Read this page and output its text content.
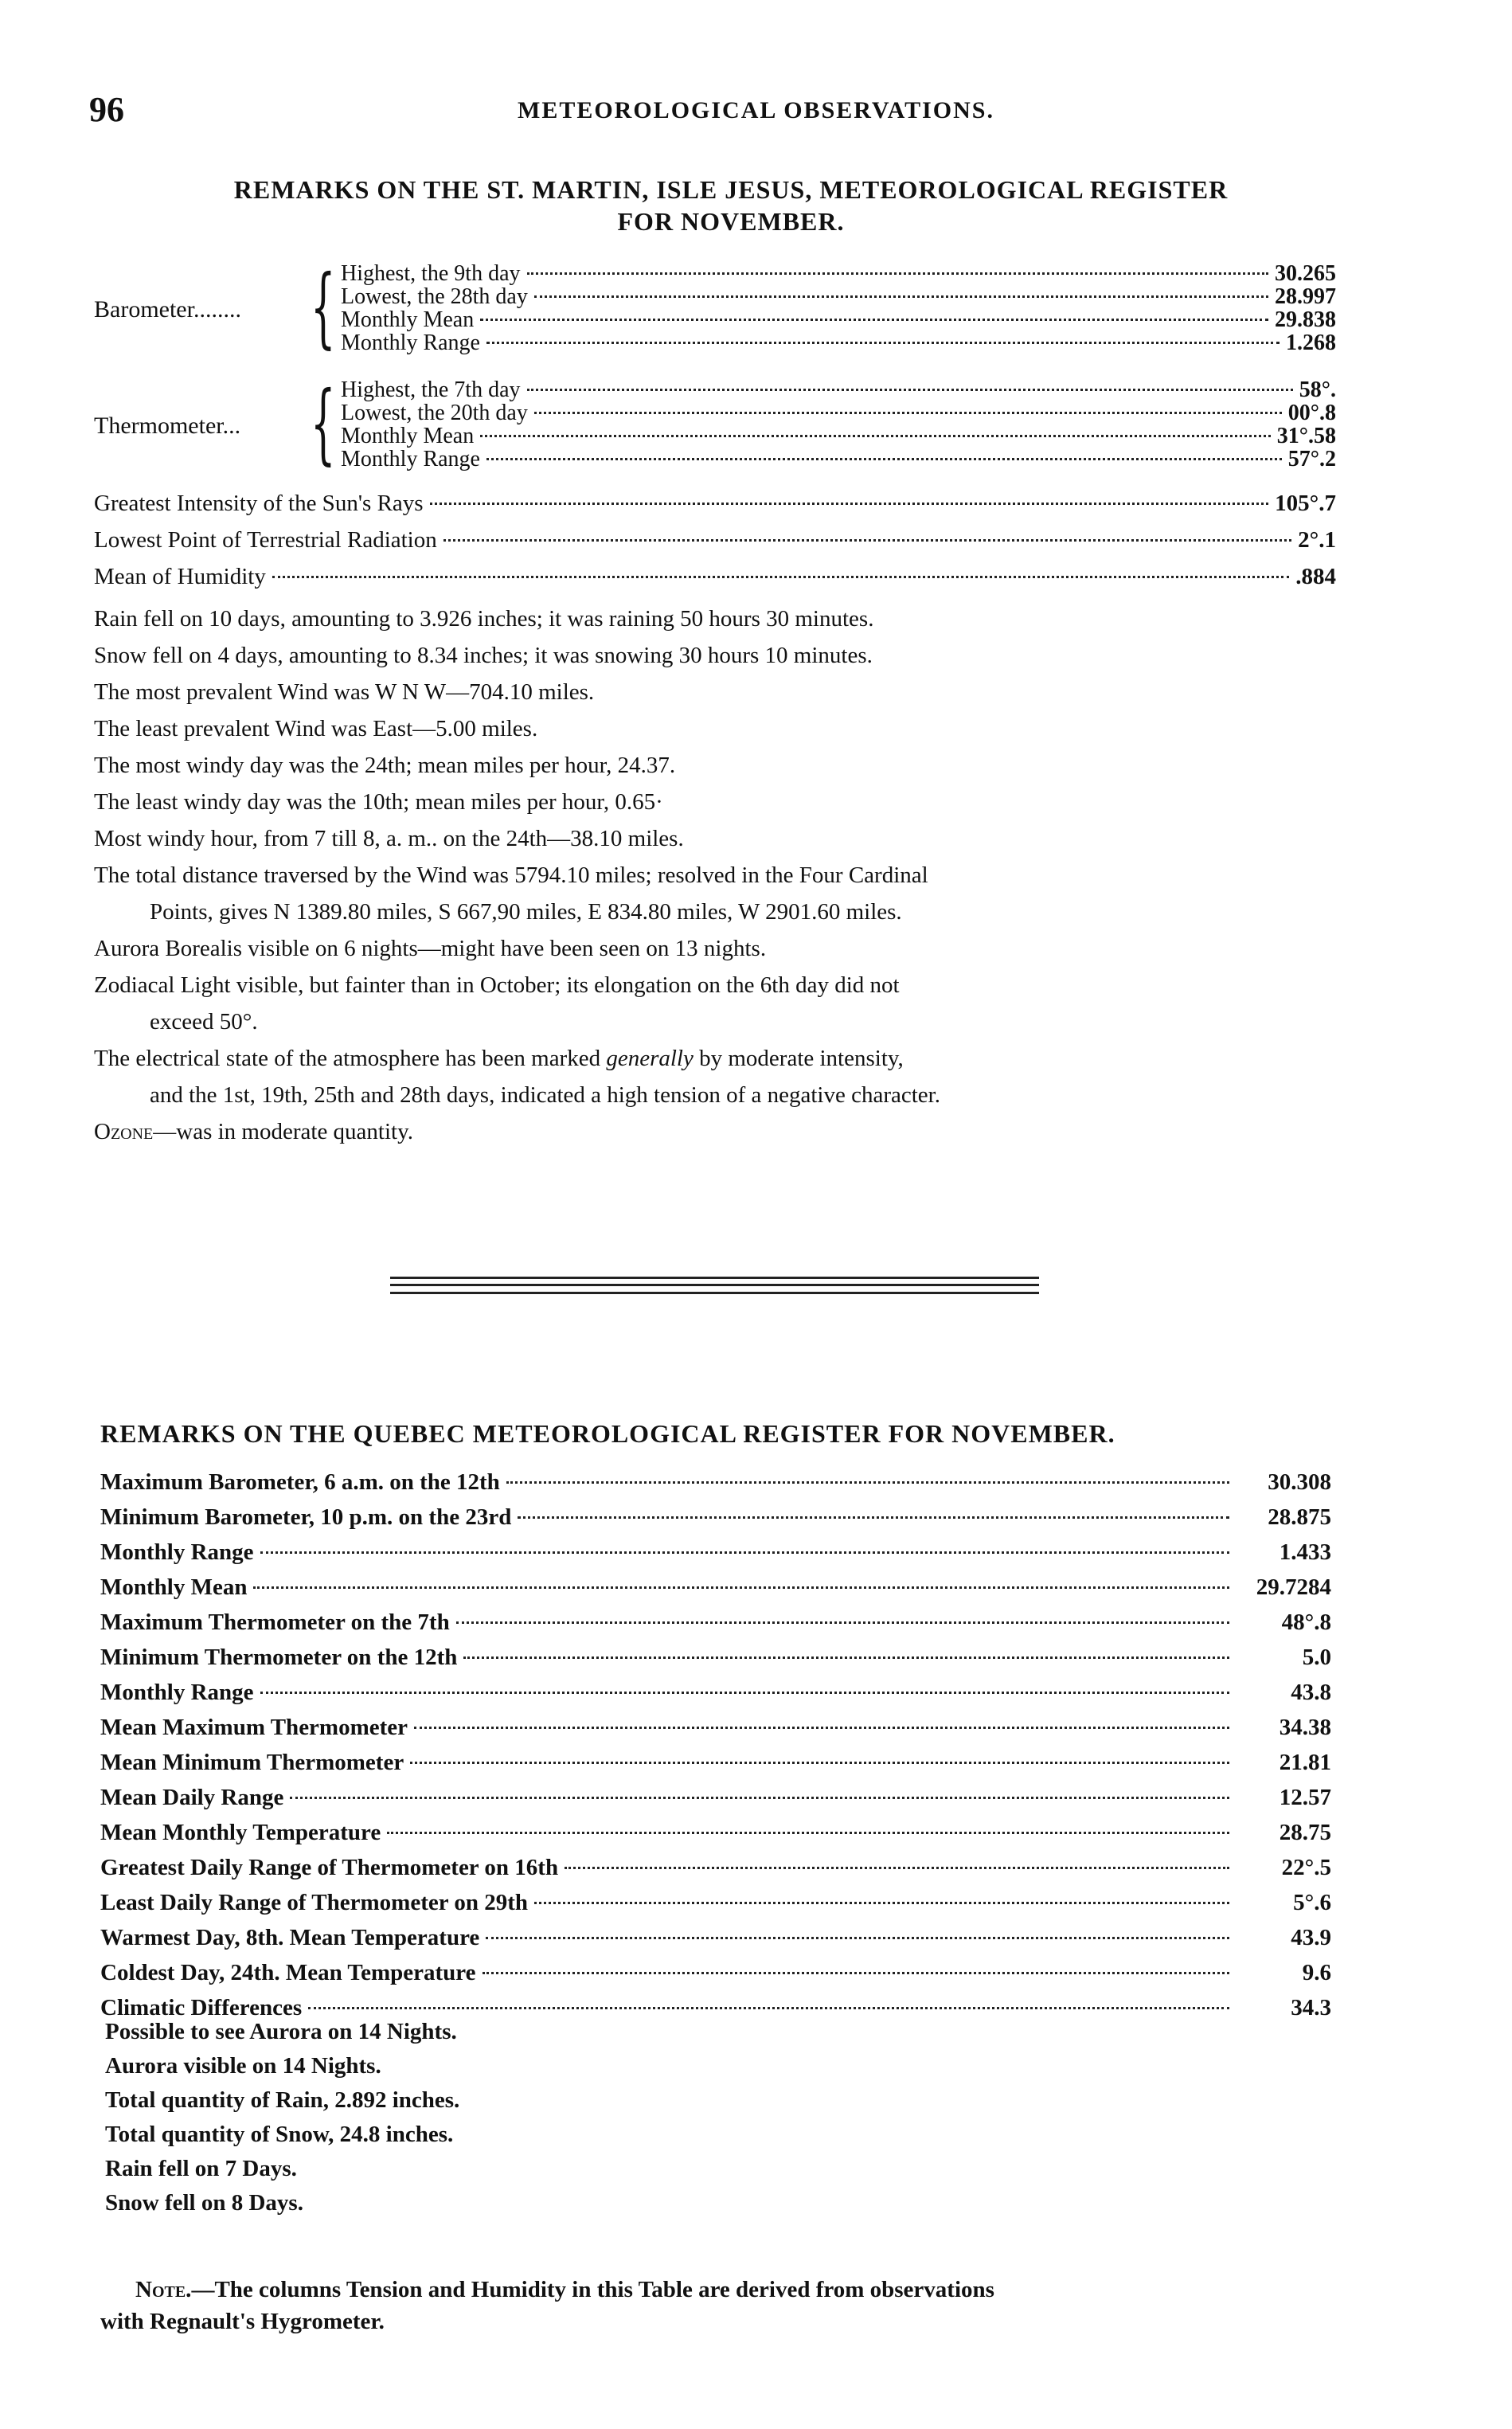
96	METEOROLOGICAL OBSERVATIONS.
REMARKS ON THE ST. MARTIN, ISLE JESUS, METEOROLOGICAL REGISTER
FOR NOVEMBER.
Barometer........ { Highest, the 9th day	30.265
Lowest, the 28th day	28.997
Monthly Mean	29.838
Monthly Range	1.268
Thermometer... { Highest, the 7th day	58°.
Lowest, the 20th day	00°.8
Monthly Mean	31°.58
Monthly Range	57°.2
Greatest Intensity of the Sun's Rays	105°.7
Lowest Point of Terrestrial Radiation	2°.1
Mean of Humidity	.884

Rain fell on 10 days, amounting to 3.926 inches; it was raining 50 hours 30 minutes.

Snow fell on 4 days, amounting to 8.34 inches; it was snowing 30 hours 10 minutes.

The most prevalent Wind was W N W—704.10 miles.

The least prevalent Wind was East—5.00 miles.

The most windy day was the 24th; mean miles per hour, 24.37.

The least windy day was the 10th; mean miles per hour, 0.65·

Most windy hour, from 7 till 8, a. m.. on the 24th—38.10 miles.

The total distance traversed by the Wind was 5794.10 miles; resolved in the Four Cardinal

Points, gives N 1389.80 miles, S 667,90 miles, E 834.80 miles, W 2901.60 miles.

Aurora Borealis visible on 6 nights—might have been seen on 13 nights.

Zodiacal Light visible, but fainter than in October; its elongation on the 6th day did not

exceed 50°.

The electrical state of the atmosphere has been marked generally by moderate intensity,

and the 1st, 19th, 25th and 28th days, indicated a high tension of a negative character.

Ozone—was in moderate quantity.

REMARKS ON THE QUEBEC METEOROLOGICAL REGISTER FOR NOVEMBER.
Maximum Barometer, 6 a.m. on the 12th	30.308
Minimum Barometer, 10 p.m. on the 23rd	28.875
Monthly Range	1.433
Monthly Mean	29.7284
Maximum Thermometer on the 7th	48°.8
Minimum Thermometer on the 12th	5.0
Monthly Range	43.8
Mean Maximum Thermometer	34.38
Mean Minimum Thermometer	21.81
Mean Daily Range	12.57
Mean Monthly Temperature	28.75
Greatest Daily Range of Thermometer on 16th	22°.5
Least Daily Range of Thermometer on 29th	5°.6
Warmest Day, 8th. Mean Temperature	43.9
Coldest Day, 24th. Mean Temperature	9.6
Climatic Differences	34.3
Possible to see Aurora on 14 Nights.
Aurora visible on 14 Nights.
Total quantity of Rain, 2.892 inches.
Total quantity of Snow, 24.8 inches.
Rain fell on 7 Days.
Snow fell on 8 Days.
Note.—The columns Tension and Humidity in this Table are derived from observations
with Regnault's Hygrometer.
